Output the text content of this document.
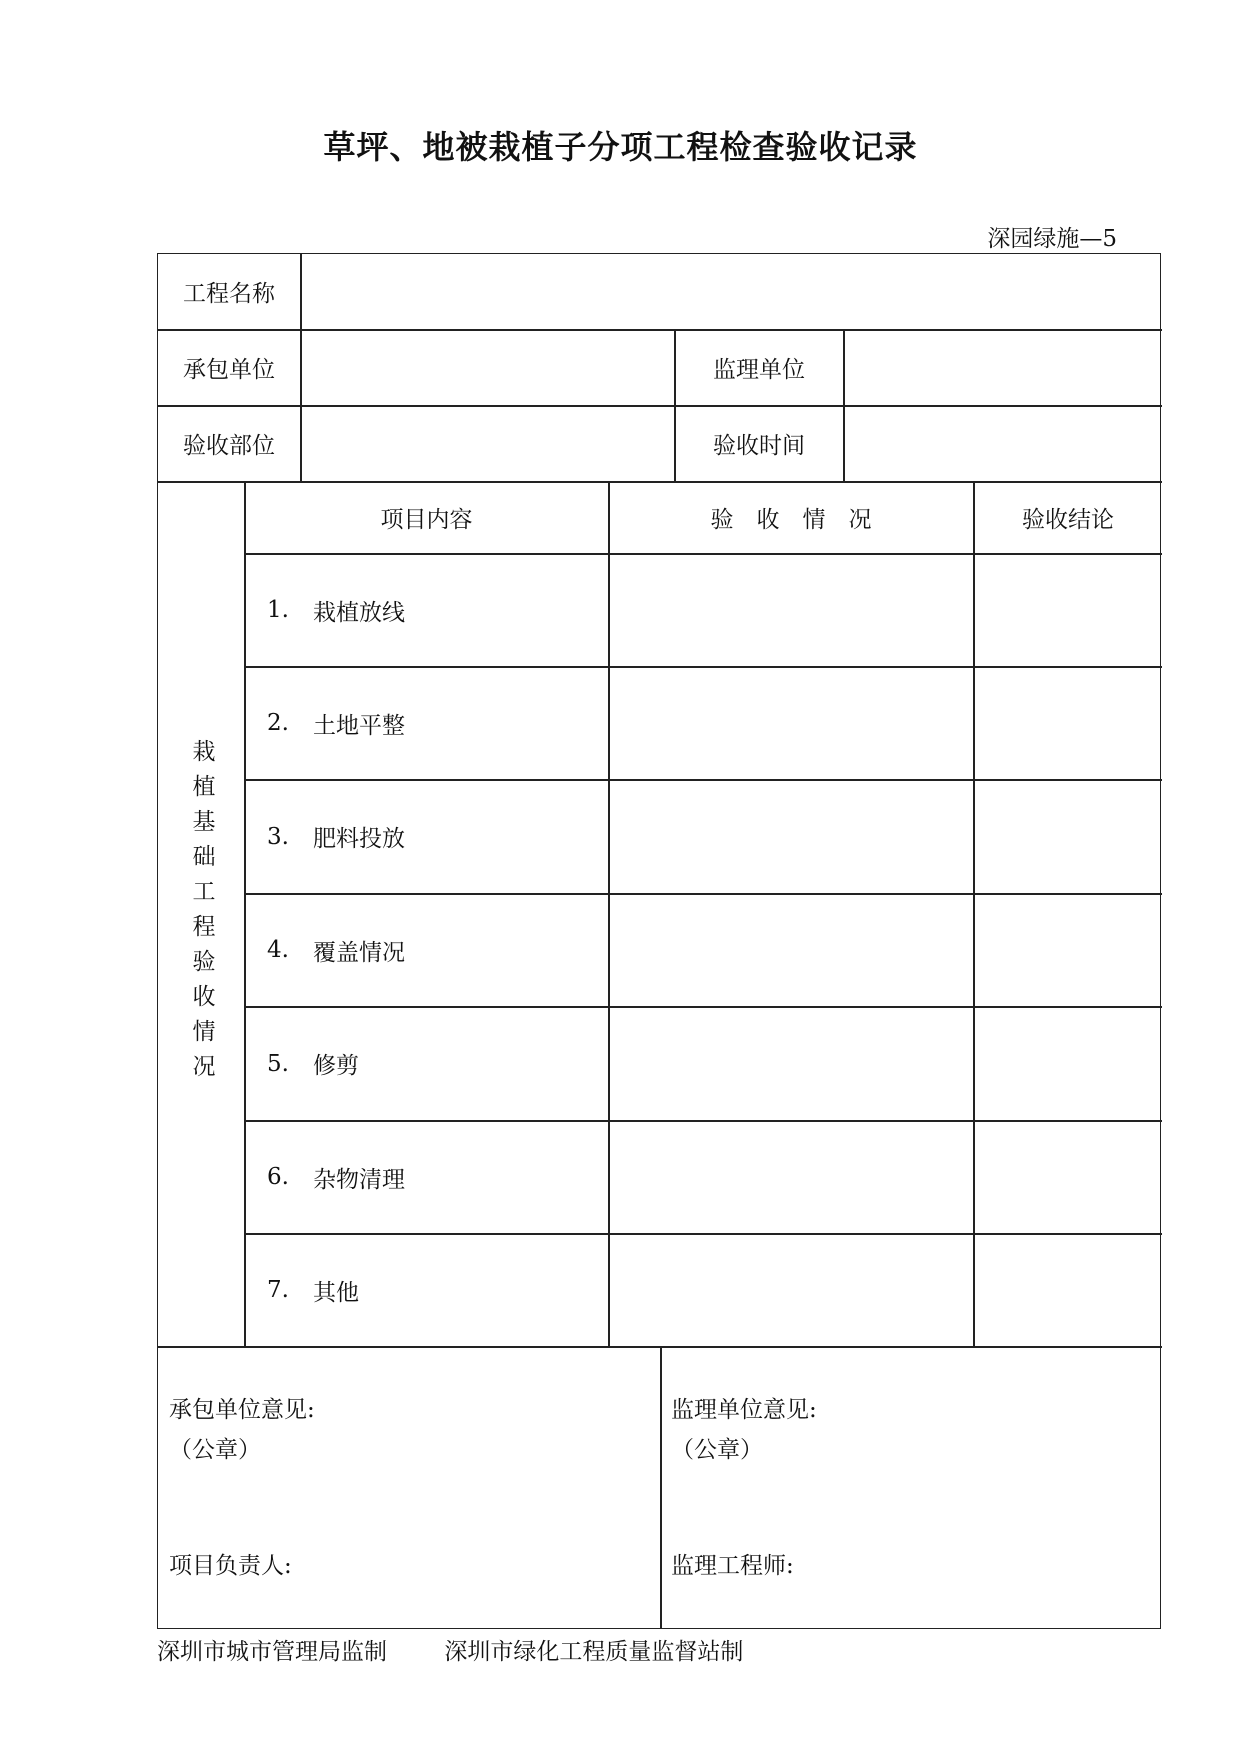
草坪、地被栽植子分项工程检查验收记录
深园绿施—5
工程名称
承包单位	监理单位
验收部位	验收时间
栽植基础工程验收情况
项目内容	验　收　情　况	验收结论
1.	栽植放线
2.	土地平整
3.	肥料投放
4.	覆盖情况
5.	修剪
6.	杂物清理
7.	其他
承包单位意见:
（公章）
项目负责人:
监理单位意见:
（公章）
监理工程师:
深圳市城市管理局监制 深圳市绿化工程质量监督站制
